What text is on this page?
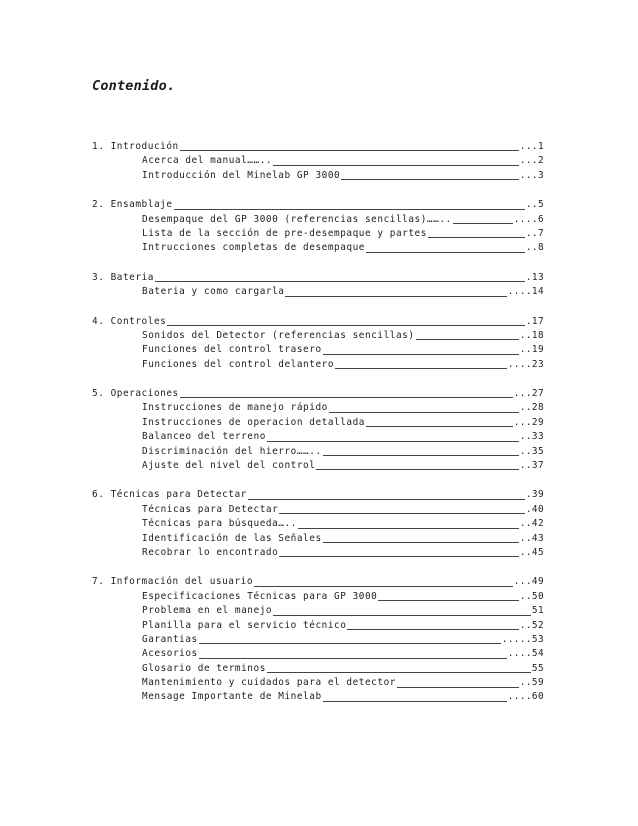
Contenido.
1. Introdución	...1
Acerca del manual……..	...2
Introducción del Minelab GP 3000	...3
2. Ensamblaje	..5
Desempaque del GP 3000 (referencias sencillas)……..	....6
Lista de la sección de pre-desempaque y partes	..7
Intrucciones completas de desempaque	..8
3. Bateria	.13
Bateria y como cargarla	....14
4. Controles	.17
Sonidos del Detector (referencias sencillas)	..18
Funciones del control trasero	..19
Funciones del control delantero	....23
5. Operaciones	...27
Instrucciones de manejo rápido	..28
Instrucciones de operacion detallada	...29
Balanceo del terreno	..33
Discriminación del hierro……..	..35
Ajuste del nivel del control	..37
6. Técnicas para Detectar	.39
Técnicas para Detectar	.40
Técnicas para búsqueda…..	..42
Identificación de las Señales	..43
Recobrar lo encontrado	..45
7. Información del usuario	...49
Especificaciones Técnicas para GP 3000	..50
Problema en el manejo	51
Planilla para el servicio técnico	..52
Garantias	.....53
Acesorios	....54
Glosario de terminos	55
Mantenimiento y cuidados para el detector	..59
Mensage Importante de Minelab	....60
